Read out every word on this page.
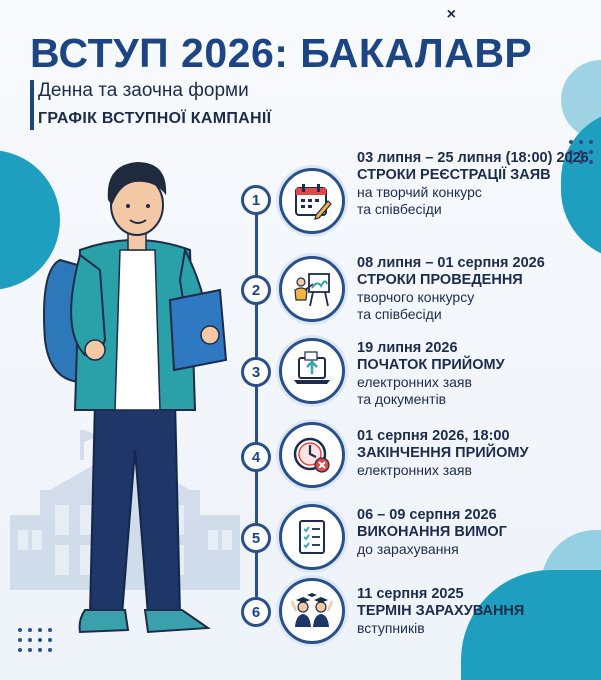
×
ВСТУП 2026: БАКАЛАВР
Денна та заочна форми
ГРАФІК ВСТУПНОЇ КАМПАНІЇ
1
03 липня – 25 липня (18:00) 2026
СТРОКИ РЕЄСТРАЦІЇ ЗАЯВ
на творчий конкурс
та співбесіди
2
08 липня – 01 серпня 2026
СТРОКИ ПРОВЕДЕННЯ
творчого конкурсу
та співбесіди
3
19 липня 2026
ПОЧАТОК ПРИЙОМУ
електронних заяв
та документів
4
01 серпня 2026, 18:00
ЗАКІНЧЕННЯ ПРИЙОМУ
електронних заяв
5
06 – 09 серпня 2026
ВИКОНАННЯ ВИМОГ
до зарахування
6
11 серпня 2025
ТЕРМІН ЗАРАХУВАННЯ
вступників
